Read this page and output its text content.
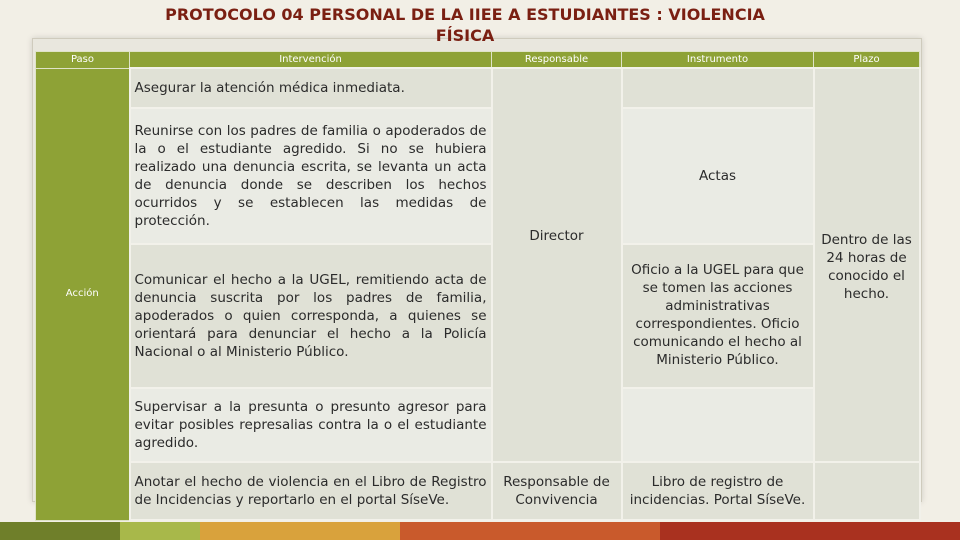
PROTOCOLO 04 PERSONAL DE LA IIEE A ESTUDIANTES : VIOLENCIA FÍSICA
Paso	Intervención	Responsable	Instrumento	Plazo
Acción	Asegurar la atención médica inmediata.	Director		Dentro de las 24 horas de conocido el hecho.
	Reunirse con los padres de familia o apoderados de la o el estudiante agredido. Si no se hubiera realizado una denuncia escrita, se levanta un acta de denuncia donde se describen los hechos ocurridos y se establecen las medidas de protección.		Actas	
	Comunicar el hecho a la UGEL, remitiendo acta de denuncia suscrita por los padres de familia, apoderados o quien corresponda, a quienes se orientará para denunciar el hecho a la Policía Nacional o al Ministerio Público.		Oficio a la UGEL para que se tomen las acciones administrativas correspondientes. Oficio comunicando el hecho al Ministerio Público.	
	Supervisar a la presunta o presunto agresor para evitar posibles represalias contra la o el estudiante agredido.			
	Anotar el hecho de violencia en el Libro de Registro de Incidencias y reportarlo en el portal SíseVe.	Responsable de Convivencia	Libro de registro de incidencias. Portal SíseVe.	
